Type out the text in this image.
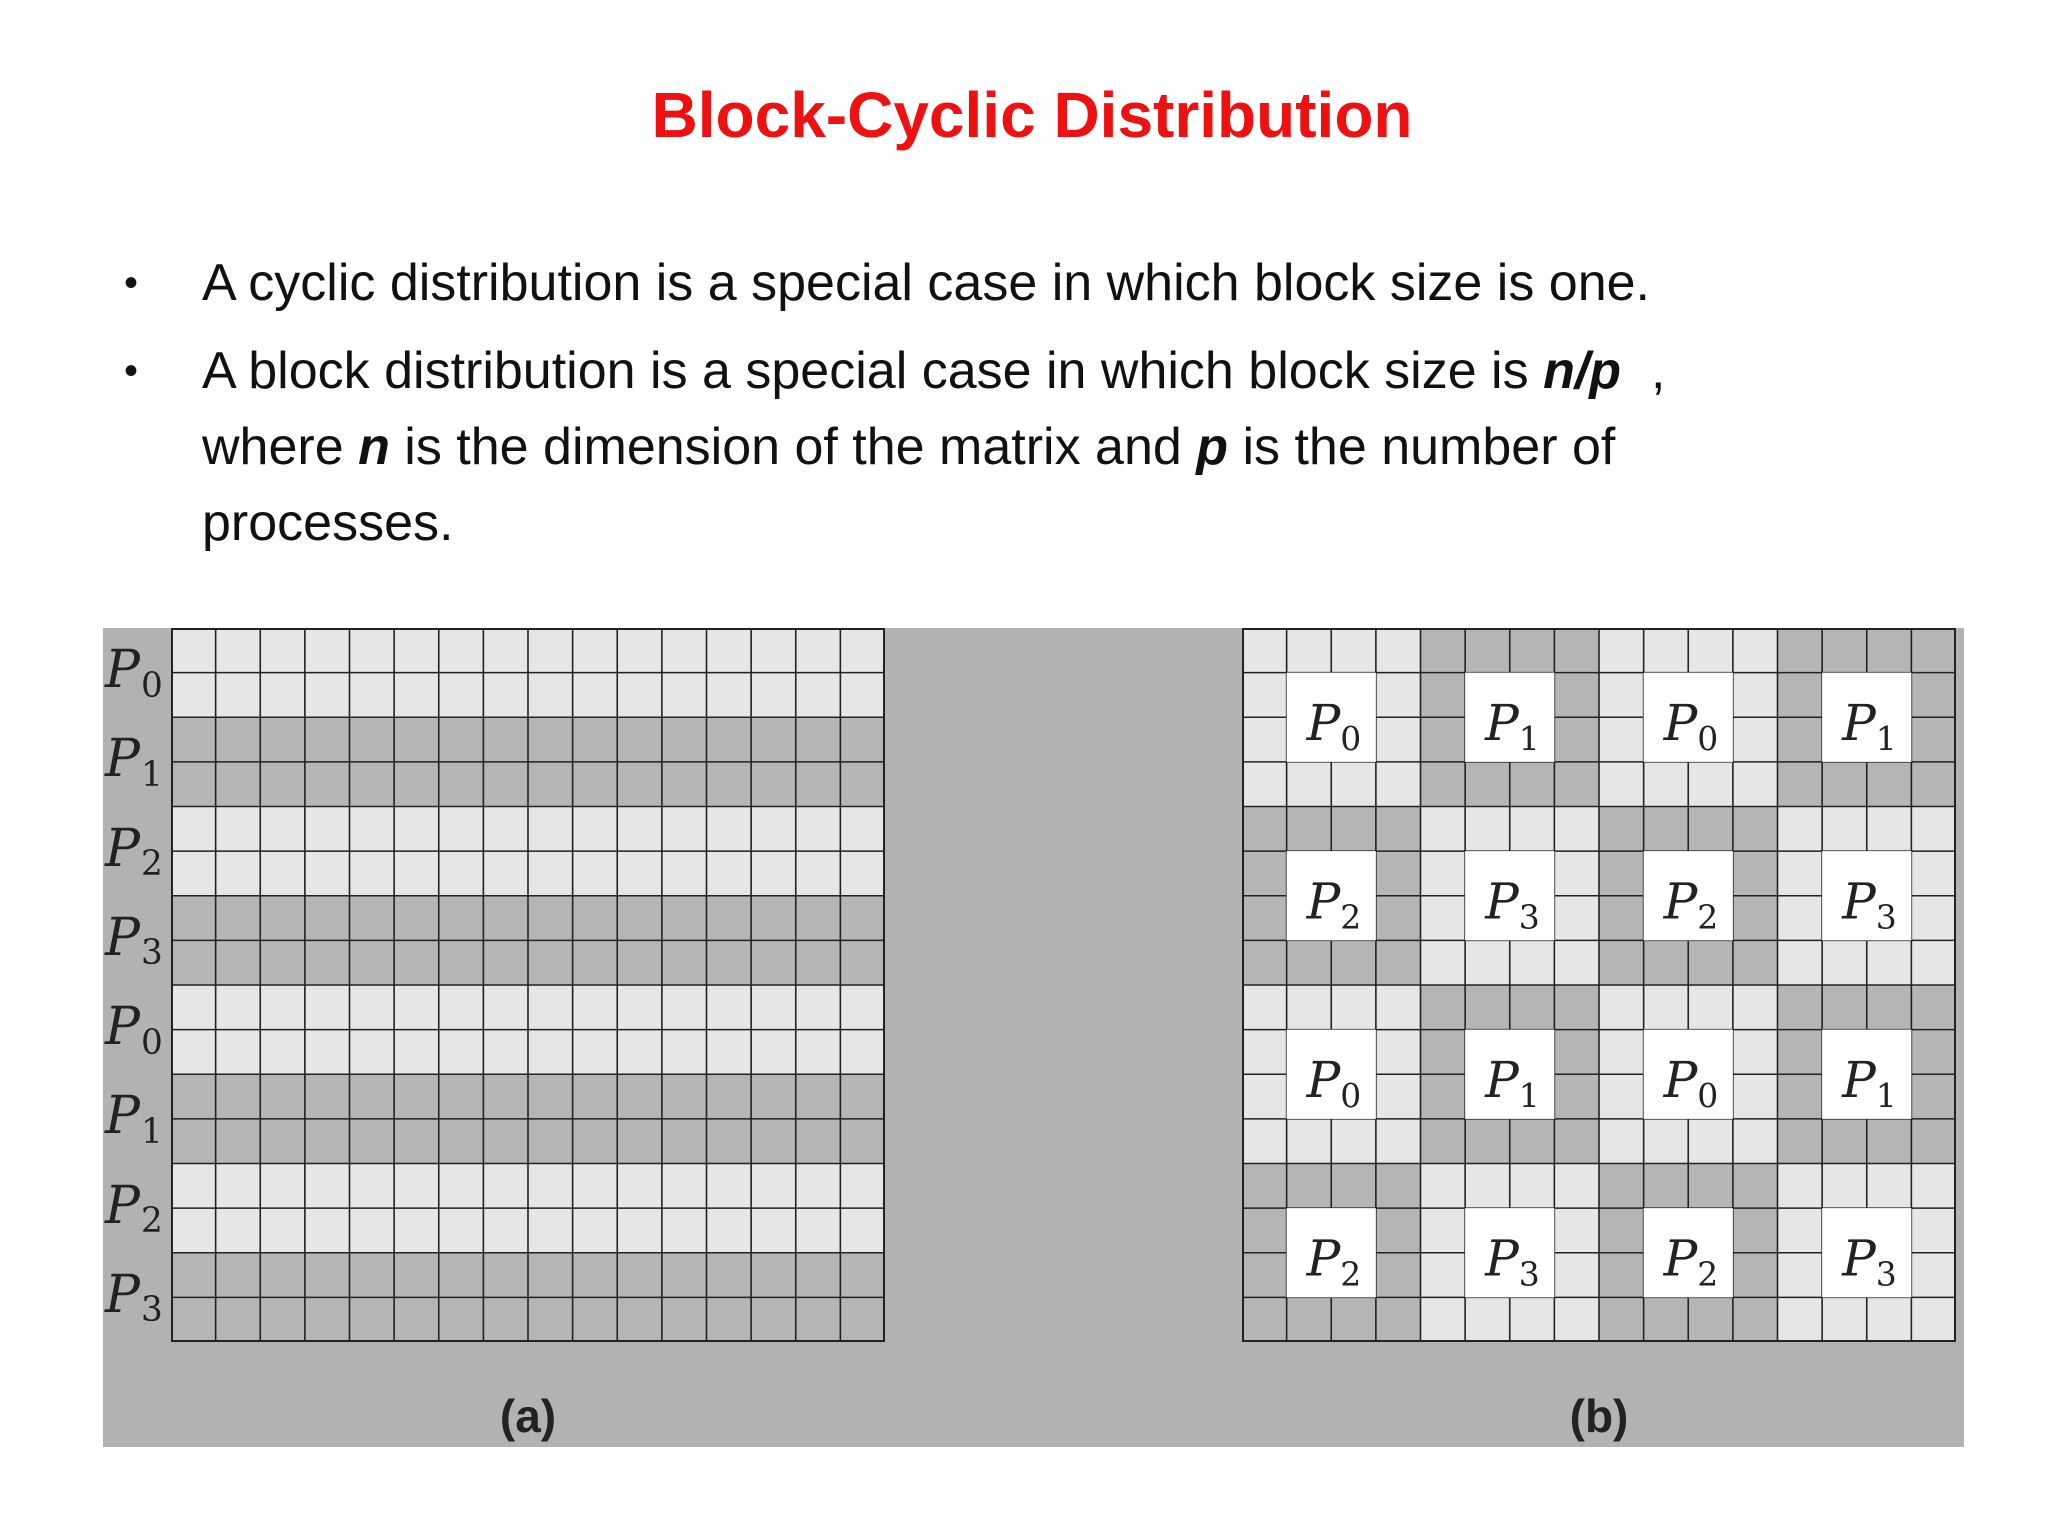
Block-Cyclic Distribution
• A cyclic distribution is a special case in which block size is one.
• A block distribution is a special case in which block size is n/p ,
where n is the dimension of the matrix and p is the number of
processes.
$P_0$ $P_1$ $P_0$ $P_1$
$P_2$ $P_3$ $P_2$ $P_3$
$P_0$ $P_1$ $P_0$ $P_1$
$P_2$ $P_3$ $P_2$ $P_3$
$P_0$
$P_1$
$P_2$
$P_3$
$P_0$
$P_1$
$P_2$
$P_3$
(a)	(b)
